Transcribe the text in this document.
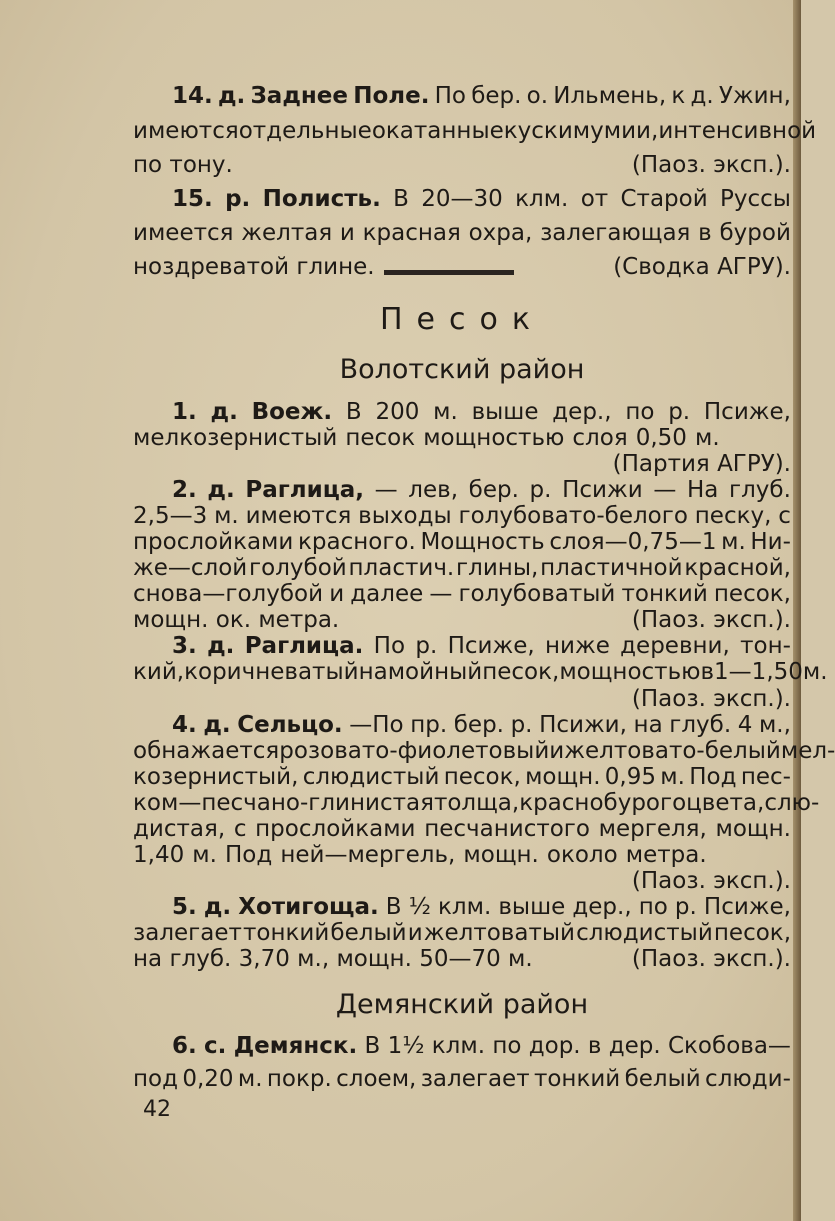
Песок
Волотский район
Демянский район
42
14. д. Заднее Поле. По бер. о. Ильмень, к д. Ужин,
имеются отдельные окатанные куски мумии, интенсивной
по тону.	(Паоз. эксп.).
15. р. Полисть. В 20—30 клм. от Старой Руссы
имеется желтая и красная охра, залегающая в бурой
ноздреватой глине.	(Сводка АГРУ).
1. д. Воеж. В 200 м. выше дер., по р. Псиже,
мелкозернистый песок мощностью слоя 0,50 м.
(Партия АГРУ).
2. д. Раглица, — лев, бер. р. Псижи — На глуб.
2,5—3 м. имеются выходы голубовато-белого песку, с
прослойками красного. Мощность слоя—0,75—1 м. Ни-
же—слой голубой пластич. глины, пластичной красной,
снова—голубой и далее — голубоватый тонкий песок,
мощн. ок. метра.	(Паоз. эксп.).
3. д. Раглица. По р. Псиже, ниже деревни, тон-
кий, коричневатый намойный песок, мощностью в 1—1,50 м.
(Паоз. эксп.).
4. д. Сельцо. —По пр. бер. р. Псижи, на глуб. 4 м.,
обнажается розовато-фиолетовый и желтовато-белый мел-
козернистый, слюдистый песок, мощн. 0,95 м. Под пес-
ком—песчано-глинистая толща, краснобурого цвета, слю-
дистая, с прослойками песчанистого мергеля, мощн.
1,40 м. Под ней—мергель, мощн. около метра.
(Паоз. эксп.).
5. д. Хотигоща. В ½ клм. выше дер., по р. Псиже,
залегает тонкий белый и желтоватый слюдистый песок,
на глуб. 3,70 м., мощн. 50—70 м.	(Паоз. эксп.).
6. с. Демянск. В 1½ клм. по дор. в дер. Скобова—
под 0,20 м. покр. слоем, залегает тонкий белый слюди-
